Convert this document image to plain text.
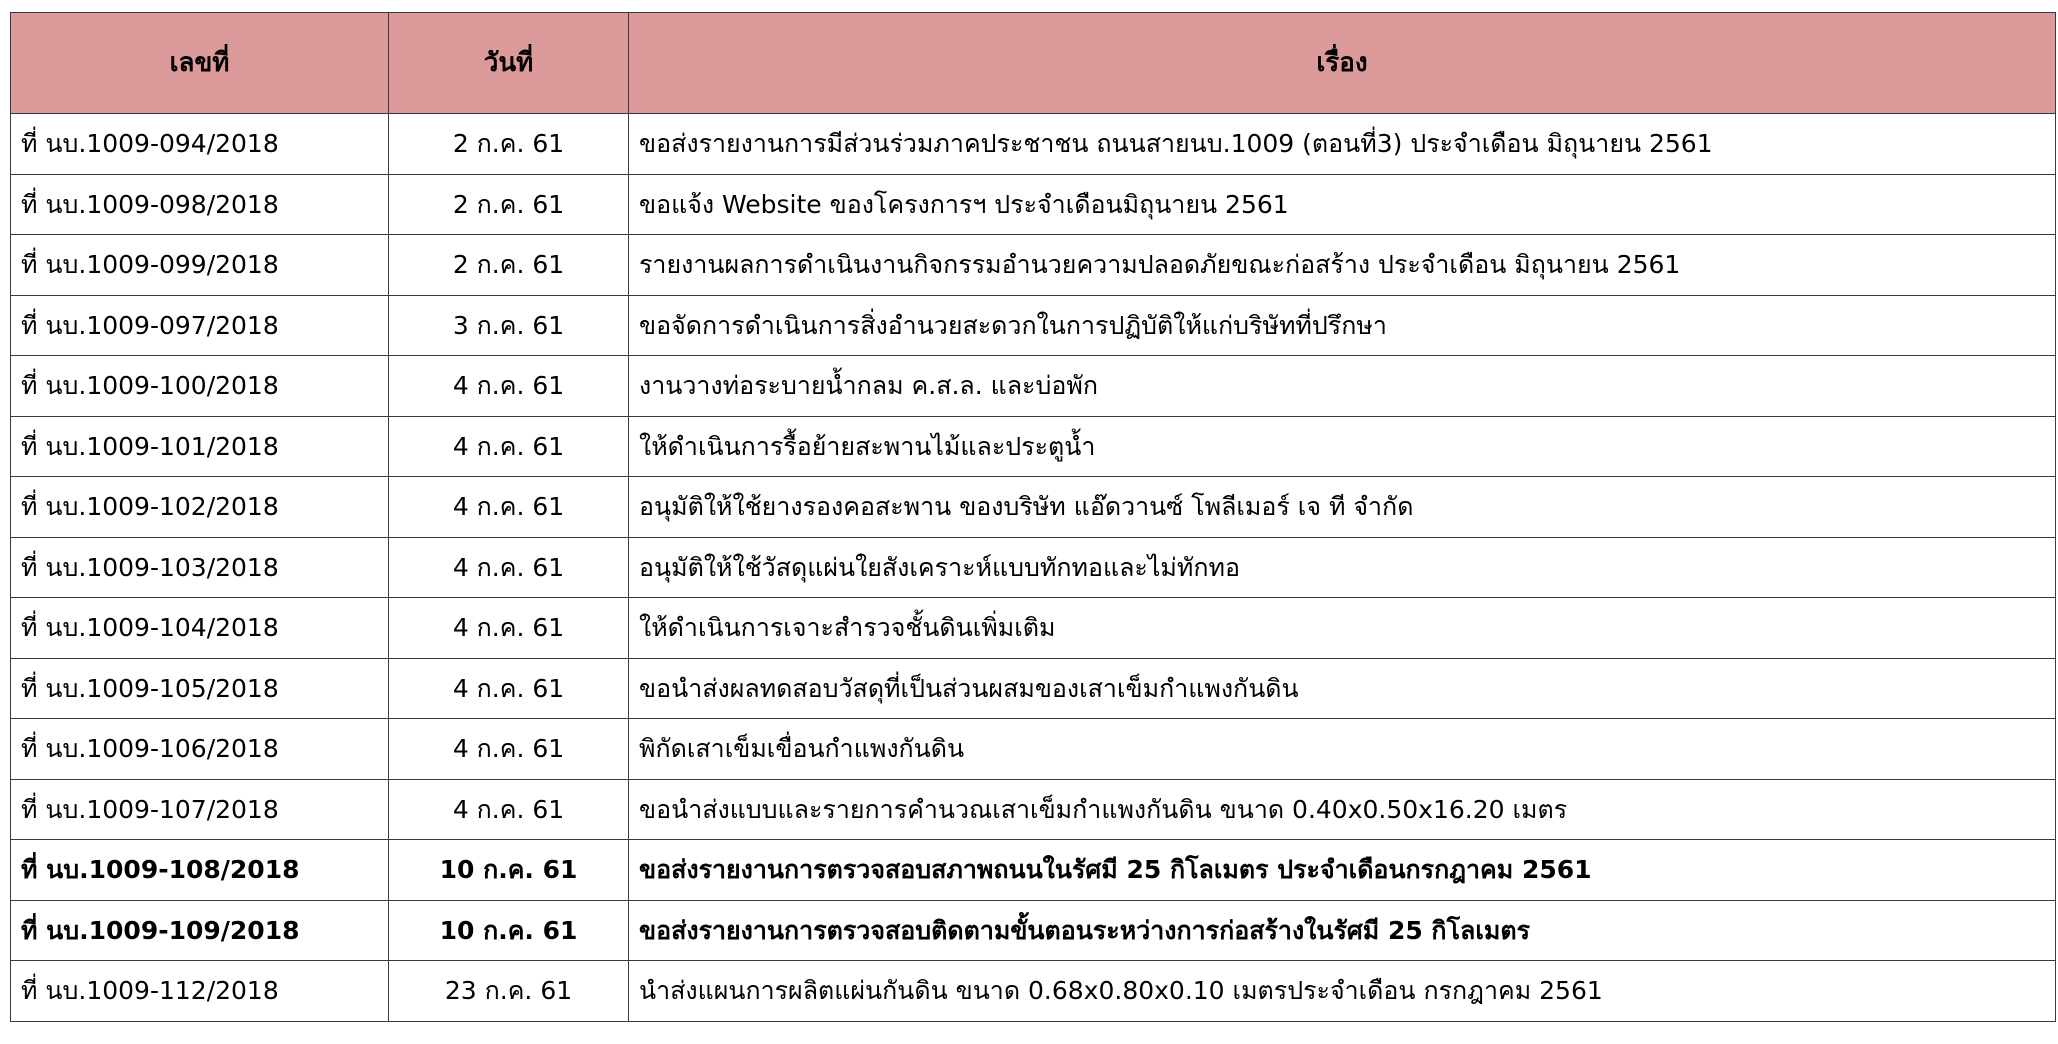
เลขที่	วันที่	เรื่อง
ที่ นบ.1009-094/2018	2 ก.ค. 61	ขอส่งรายงานการมีส่วนร่วมภาคประชาชน ถนนสายนบ.1009 (ตอนที่3) ประจำเดือน มิถุนายน 2561
ที่ นบ.1009-098/2018	2 ก.ค. 61	ขอแจ้ง Website ของโครงการฯ ประจำเดือนมิถุนายน 2561
ที่ นบ.1009-099/2018	2 ก.ค. 61	รายงานผลการดำเนินงานกิจกรรมอำนวยความปลอดภัยขณะก่อสร้าง ประจำเดือน มิถุนายน 2561
ที่ นบ.1009-097/2018	3 ก.ค. 61	ขอจัดการดำเนินการสิ่งอำนวยสะดวกในการปฏิบัติให้แก่บริษัทที่ปรึกษา
ที่ นบ.1009-100/2018	4 ก.ค. 61	งานวางท่อระบายน้ำกลม ค.ส.ล. และบ่อพัก
ที่ นบ.1009-101/2018	4 ก.ค. 61	ให้ดำเนินการรื้อย้ายสะพานไม้และประตูน้ำ
ที่ นบ.1009-102/2018	4 ก.ค. 61	อนุมัติให้ใช้ยางรองคอสะพาน ของบริษัท แอ๊ดวานซ์ โพลีเมอร์ เจ ที จำกัด
ที่ นบ.1009-103/2018	4 ก.ค. 61	อนุมัติให้ใช้วัสดุแผ่นใยสังเคราะห์แบบทักทอและไม่ทักทอ
ที่ นบ.1009-104/2018	4 ก.ค. 61	ให้ดำเนินการเจาะสำรวจชั้นดินเพิ่มเติม
ที่ นบ.1009-105/2018	4 ก.ค. 61	ขอนำส่งผลทดสอบวัสดุที่เป็นส่วนผสมของเสาเข็มกำแพงกันดิน
ที่ นบ.1009-106/2018	4 ก.ค. 61	พิกัดเสาเข็มเขื่อนกำแพงกันดิน
ที่ นบ.1009-107/2018	4 ก.ค. 61	ขอนำส่งแบบและรายการคำนวณเสาเข็มกำแพงกันดิน ขนาด 0.40x0.50x16.20 เมตร
ที่ นบ.1009-108/2018	10 ก.ค. 61	ขอส่งรายงานการตรวจสอบสภาพถนนในรัศมี 25 กิโลเมตร ประจำเดือนกรกฎาคม 2561
ที่ นบ.1009-109/2018	10 ก.ค. 61	ขอส่งรายงานการตรวจสอบติดตามขั้นตอนระหว่างการก่อสร้างในรัศมี 25 กิโลเมตร
ที่ นบ.1009-112/2018	23 ก.ค. 61	นำส่งแผนการผลิตแผ่นกันดิน ขนาด 0.68x0.80x0.10 เมตรประจำเดือน กรกฎาคม 2561
